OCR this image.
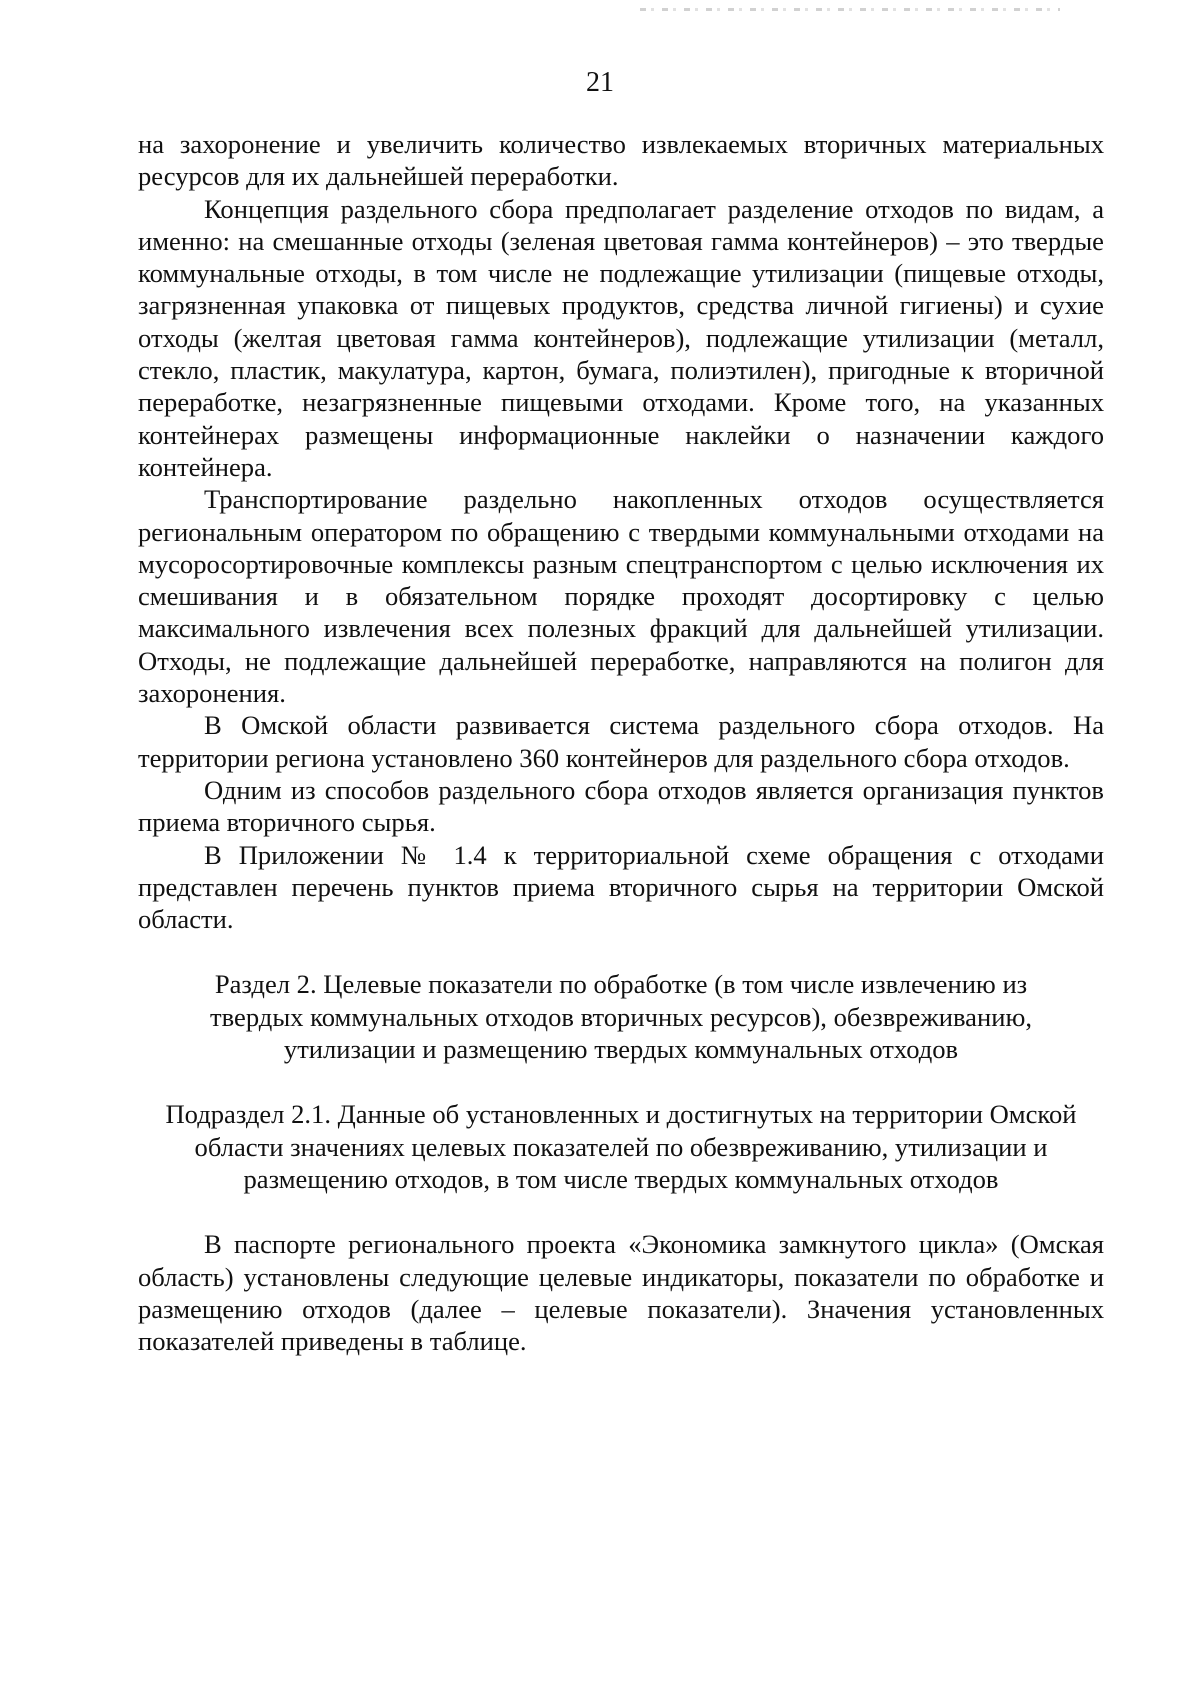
21

на захоронение и увеличить количество извлекаемых вторичных материальных ресурсов для их дальнейшей переработки.

Концепция раздельного сбора предполагает разделение отходов по видам, а именно: на смешанные отходы (зеленая цветовая гамма контейнеров) – это твердые коммунальные отходы, в том числе не подлежащие утилизации (пищевые отходы, загрязненная упаковка от пищевых продуктов, средства личной гигиены) и сухие отходы (желтая цветовая гамма контейнеров), подлежащие утилизации (металл, стекло, пластик, макулатура, картон, бумага, полиэтилен), пригодные к вторичной переработке, незагрязненные пищевыми отходами. Кроме того, на указанных контейнерах размещены информационные наклейки о назначении каждого контейнера.

Транспортирование раздельно накопленных отходов осуществляется региональным оператором по обращению с твердыми коммунальными отходами на мусоросортировочные комплексы разным спецтранспортом с целью исключения их смешивания и в обязательном порядке проходят досортировку с целью максимального извлечения всех полезных фракций для дальнейшей утилизации. Отходы, не подлежащие дальнейшей переработке, направляются на полигон для захоронения.

В Омской области развивается система раздельного сбора отходов. На территории региона установлено 360 контейнеров для раздельного сбора отходов.

Одним из способов раздельного сбора отходов является организация пунктов приема вторичного сырья.

В Приложении № 1.4 к территориальной схеме обращения с отходами представлен перечень пунктов приема вторичного сырья на территории Омской области.

Раздел 2. Целевые показатели по обработке (в том числе извлечению из
твердых коммунальных отходов вторичных ресурсов), обезвреживанию,
утилизации и размещению твердых коммунальных отходов

Подраздел 2.1. Данные об установленных и достигнутых на территории Омской
области значениях целевых показателей по обезвреживанию, утилизации и
размещению отходов, в том числе твердых коммунальных отходов

В паспорте регионального проекта «Экономика замкнутого цикла» (Омская область) установлены следующие целевые индикаторы, показатели по обработке и размещению отходов (далее – целевые показатели). Значения установленных показателей приведены в таблице.
